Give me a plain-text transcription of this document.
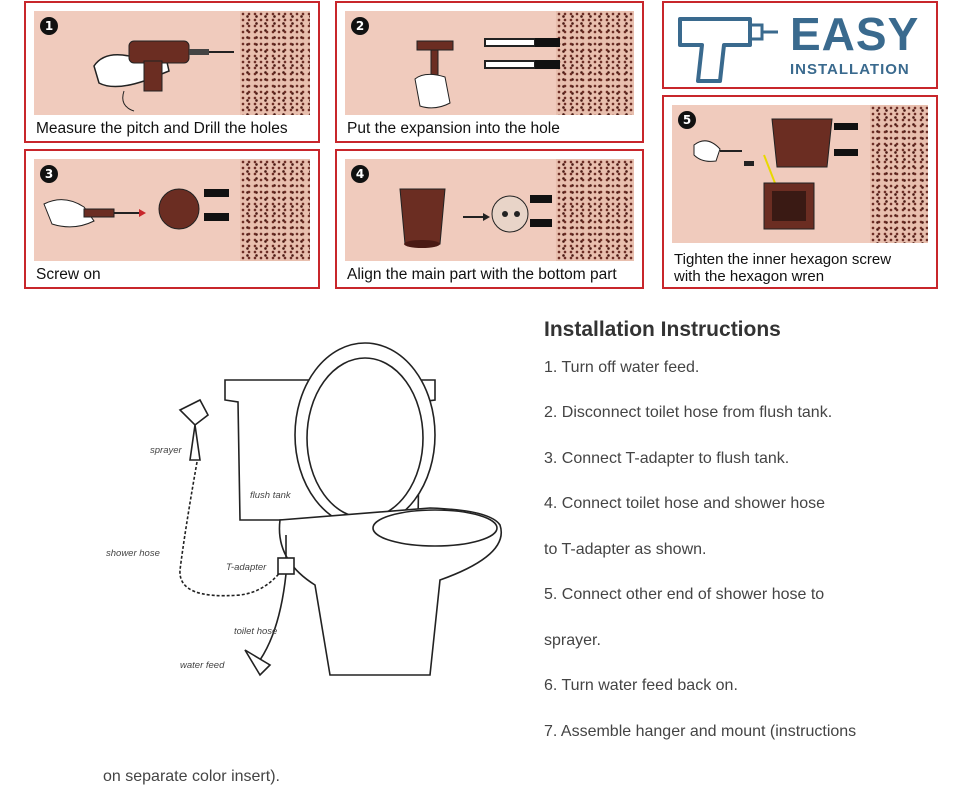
1
Measure the pitch and Drill the holes
2
Put the expansion into the hole
EASY
INSTALLATION
3
Screw on
4
Align the main part with the bottom part
5
Tighten the inner hexagon screw
with the hexagon wren
sprayer
flush tank
shower hose
T-adapter
toilet hose
water feed
Installation Instructions
1. Turn off water feed.
2. Disconnect toilet hose from flush tank.
3. Connect T-adapter to flush tank.
4. Connect toilet hose and shower hose
to T-adapter as shown.
5. Connect other end of shower hose to
sprayer.
6. Turn water feed back on.
7. Assemble hanger and mount (instructions
on separate color insert).
